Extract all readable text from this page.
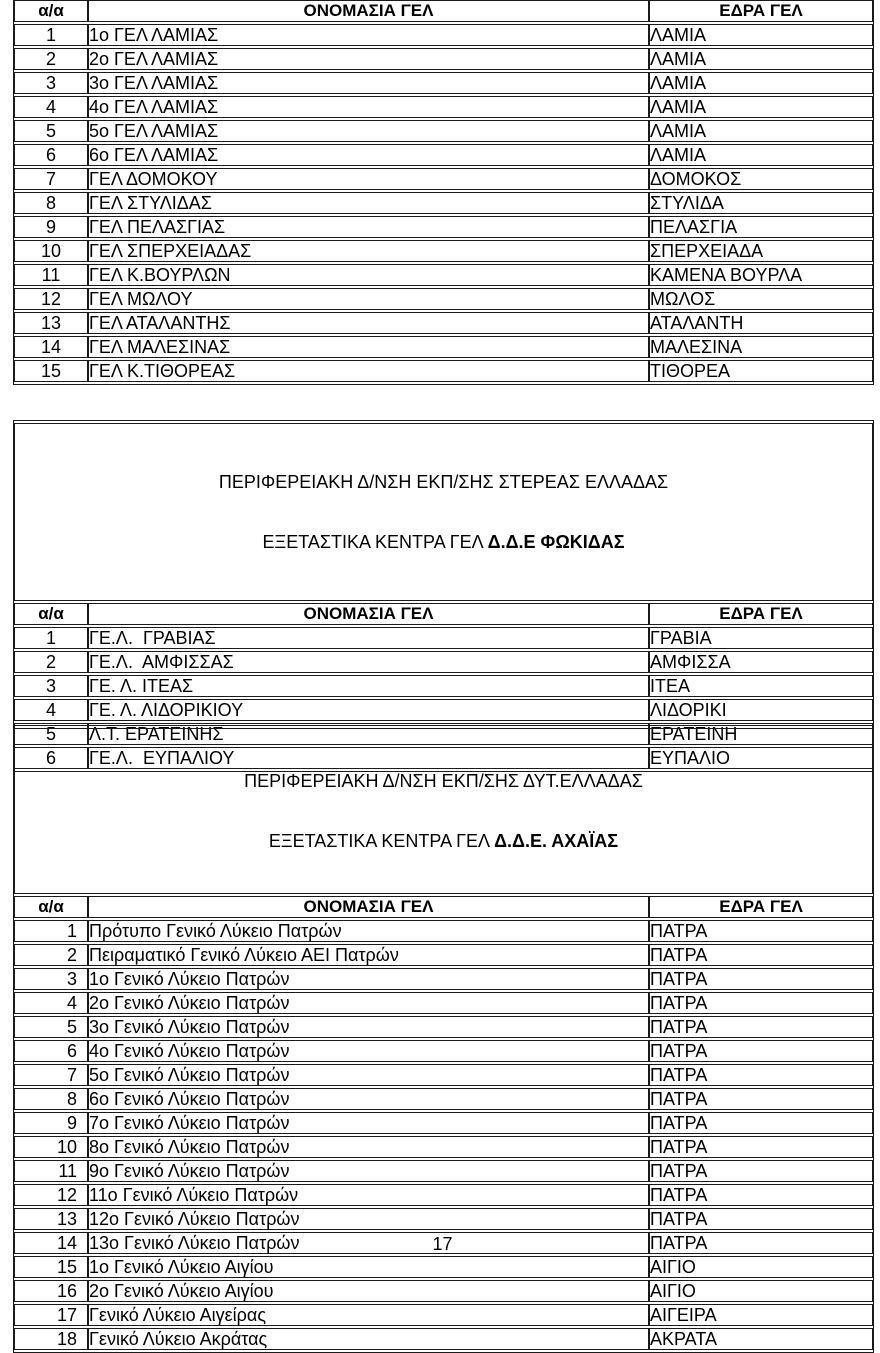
α/α	ΟΝΟΜΑΣΙΑ ΓΕΛ	ΕΔΡΑ ΓΕΛ
1	1ο ΓΕΛ ΛΑΜΙΑΣ	ΛΑΜΙΑ
2	2ο ΓΕΛ ΛΑΜΙΑΣ	ΛΑΜΙΑ
3	3ο ΓΕΛ ΛΑΜΙΑΣ	ΛΑΜΙΑ
4	4ο ΓΕΛ ΛΑΜΙΑΣ	ΛΑΜΙΑ
5	5ο ΓΕΛ ΛΑΜΙΑΣ	ΛΑΜΙΑ
6	6ο ΓΕΛ ΛΑΜΙΑΣ	ΛΑΜΙΑ
7	ΓΕΛ ΔΟΜΟΚΟΥ	ΔΟΜΟΚΟΣ
8	ΓΕΛ ΣΤΥΛΙΔΑΣ	ΣΤΥΛΙΔΑ
9	ΓΕΛ ΠΕΛΑΣΓΙΑΣ	ΠΕΛΑΣΓΙΑ
10	ΓΕΛ ΣΠΕΡΧΕΙΑΔΑΣ	ΣΠΕΡΧΕΙΑΔΑ
11	ΓΕΛ Κ.ΒΟΥΡΛΩΝ	ΚΑΜΕΝΑ ΒΟΥΡΛΑ
12	ΓΕΛ ΜΩΛΟΥ	ΜΩΛΟΣ
13	ΓΕΛ ΑΤΑΛΑΝΤΗΣ	ΑΤΑΛΑΝΤΗ
14	ΓΕΛ ΜΑΛΕΣΙΝΑΣ	ΜΑΛΕΣΙΝΑ
15	ΓΕΛ Κ.ΤΙΘΟΡΕΑΣ	ΤΙΘΟΡΕΑ

ΠΕΡΙΦΕΡΕΙΑΚΗ Δ/ΝΣΗ ΕΚΠ/ΣΗΣ ΣΤΕΡΕΑΣ ΕΛΛΑΔΑΣ

ΕΞΕΤΑΣΤΙΚΑ ΚΕΝΤΡΑ ΓΕΛ Δ.Δ.Ε ΦΩΚΙΔΑΣ		

α/α	ΟΝΟΜΑΣΙΑ ΓΕΛ	ΕΔΡΑ ΓΕΛ
1	ΓΕ.Λ.  ΓΡΑΒΙΑΣ	ΓΡΑΒΙΑ
2	ΓΕ.Λ.  ΑΜΦΙΣΣΑΣ	ΑΜΦΙΣΣΑ
3	ΓΕ. Λ. ΙΤΕΑΣ	ΙΤΕΑ
4	ΓΕ. Λ. ΛΙΔΟΡΙΚΙΟΥ	ΛΙΔΟΡΙΚΙ
5	Λ.Τ. ΕΡΑΤΕΙΝΗΣ	ΕΡΑΤΕΙΝΗ
6	ΓΕ.Λ.  ΕΥΠΑΛΙΟΥ	ΕΥΠΑΛΙΟ

ΠΕΡΙΦΕΡΕΙΑΚΗ Δ/ΝΣΗ ΕΚΠ/ΣΗΣ ΔΥΤ.ΕΛΛΑΔΑΣ

ΕΞΕΤΑΣΤΙΚΑ ΚΕΝΤΡΑ ΓΕΛ Δ.Δ.Ε. ΑΧΑΪΑΣ		

α/α	ΟΝΟΜΑΣΙΑ ΓΕΛ	ΕΔΡΑ ΓΕΛ
1	Πρότυπο Γενικό Λύκειο Πατρών	ΠΑΤΡΑ
2	Πειραματικό Γενικό Λύκειο ΑΕΙ Πατρών	ΠΑΤΡΑ
3	1ο Γενικό Λύκειο Πατρών	ΠΑΤΡΑ
4	2ο Γενικό Λύκειο Πατρών	ΠΑΤΡΑ
5	3ο Γενικό Λύκειο Πατρών	ΠΑΤΡΑ
6	4ο Γενικό Λύκειο Πατρών	ΠΑΤΡΑ
7	5ο Γενικό Λύκειο Πατρών	ΠΑΤΡΑ
8	6ο Γενικό Λύκειο Πατρών	ΠΑΤΡΑ
9	7ο Γενικό Λύκειο Πατρών	ΠΑΤΡΑ
10	8ο Γενικό Λύκειο Πατρών	ΠΑΤΡΑ
11	9ο Γενικό Λύκειο Πατρών	ΠΑΤΡΑ
12	11ο Γενικό Λύκειο Πατρών	ΠΑΤΡΑ
13	12ο Γενικό Λύκειο Πατρών	ΠΑΤΡΑ
14	13ο Γενικό Λύκειο Πατρών	ΠΑΤΡΑ
15	1ο Γενικό Λύκειο Αιγίου	ΑΙΓΙΟ
16	2ο Γενικό Λύκειο Αιγίου	ΑΙΓΙΟ
17	Γενικό Λύκειο Αιγείρας	ΑΙΓΕΙΡΑ
18	Γενικό Λύκειο Ακράτας	ΑΚΡΑΤΑ
17
